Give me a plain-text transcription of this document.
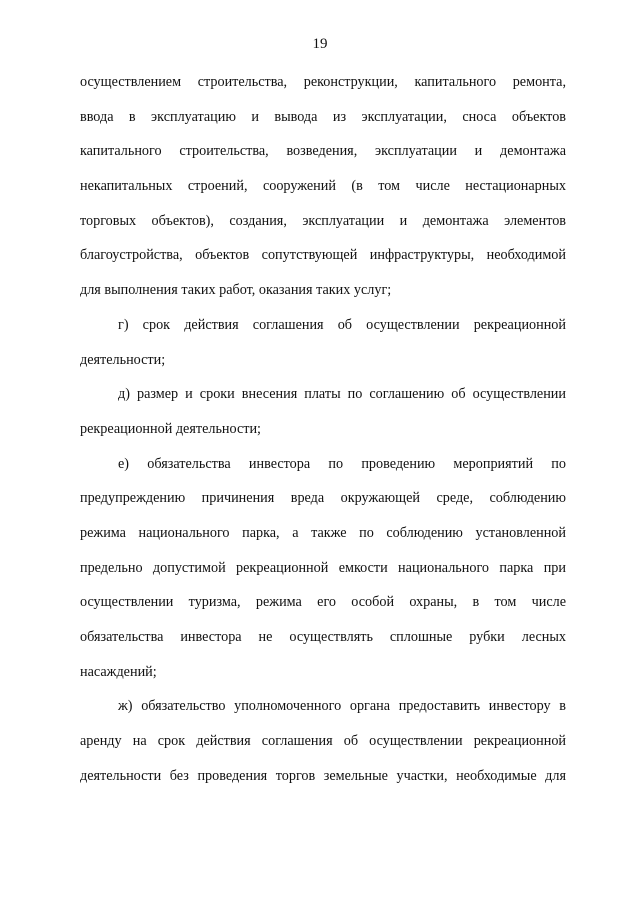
19
осуществлением строительства, реконструкции, капитального ремонта,
ввода в эксплуатацию и вывода из эксплуатации, сноса объектов
капитального строительства, возведения, эксплуатации и демонтажа
некапитальных строений, сооружений (в том числе нестационарных
торговых объектов), создания, эксплуатации и демонтажа элементов
благоустройства, объектов сопутствующей инфраструктуры, необходимой
для выполнения таких работ, оказания таких услуг;
г) срок действия соглашения об осуществлении рекреационной
деятельности;
д) размер и сроки внесения платы по соглашению об осуществлении
рекреационной деятельности;
е) обязательства инвестора по проведению мероприятий по
предупреждению причинения вреда окружающей среде, соблюдению
режима национального парка, а также по соблюдению установленной
предельно допустимой рекреационной емкости национального парка при
осуществлении туризма, режима его особой охраны, в том числе
обязательства инвестора не осуществлять сплошные рубки лесных
насаждений;
ж) обязательство уполномоченного органа предоставить инвестору в
аренду на срок действия соглашения об осуществлении рекреационной
деятельности без проведения торгов земельные участки, необходимые для
